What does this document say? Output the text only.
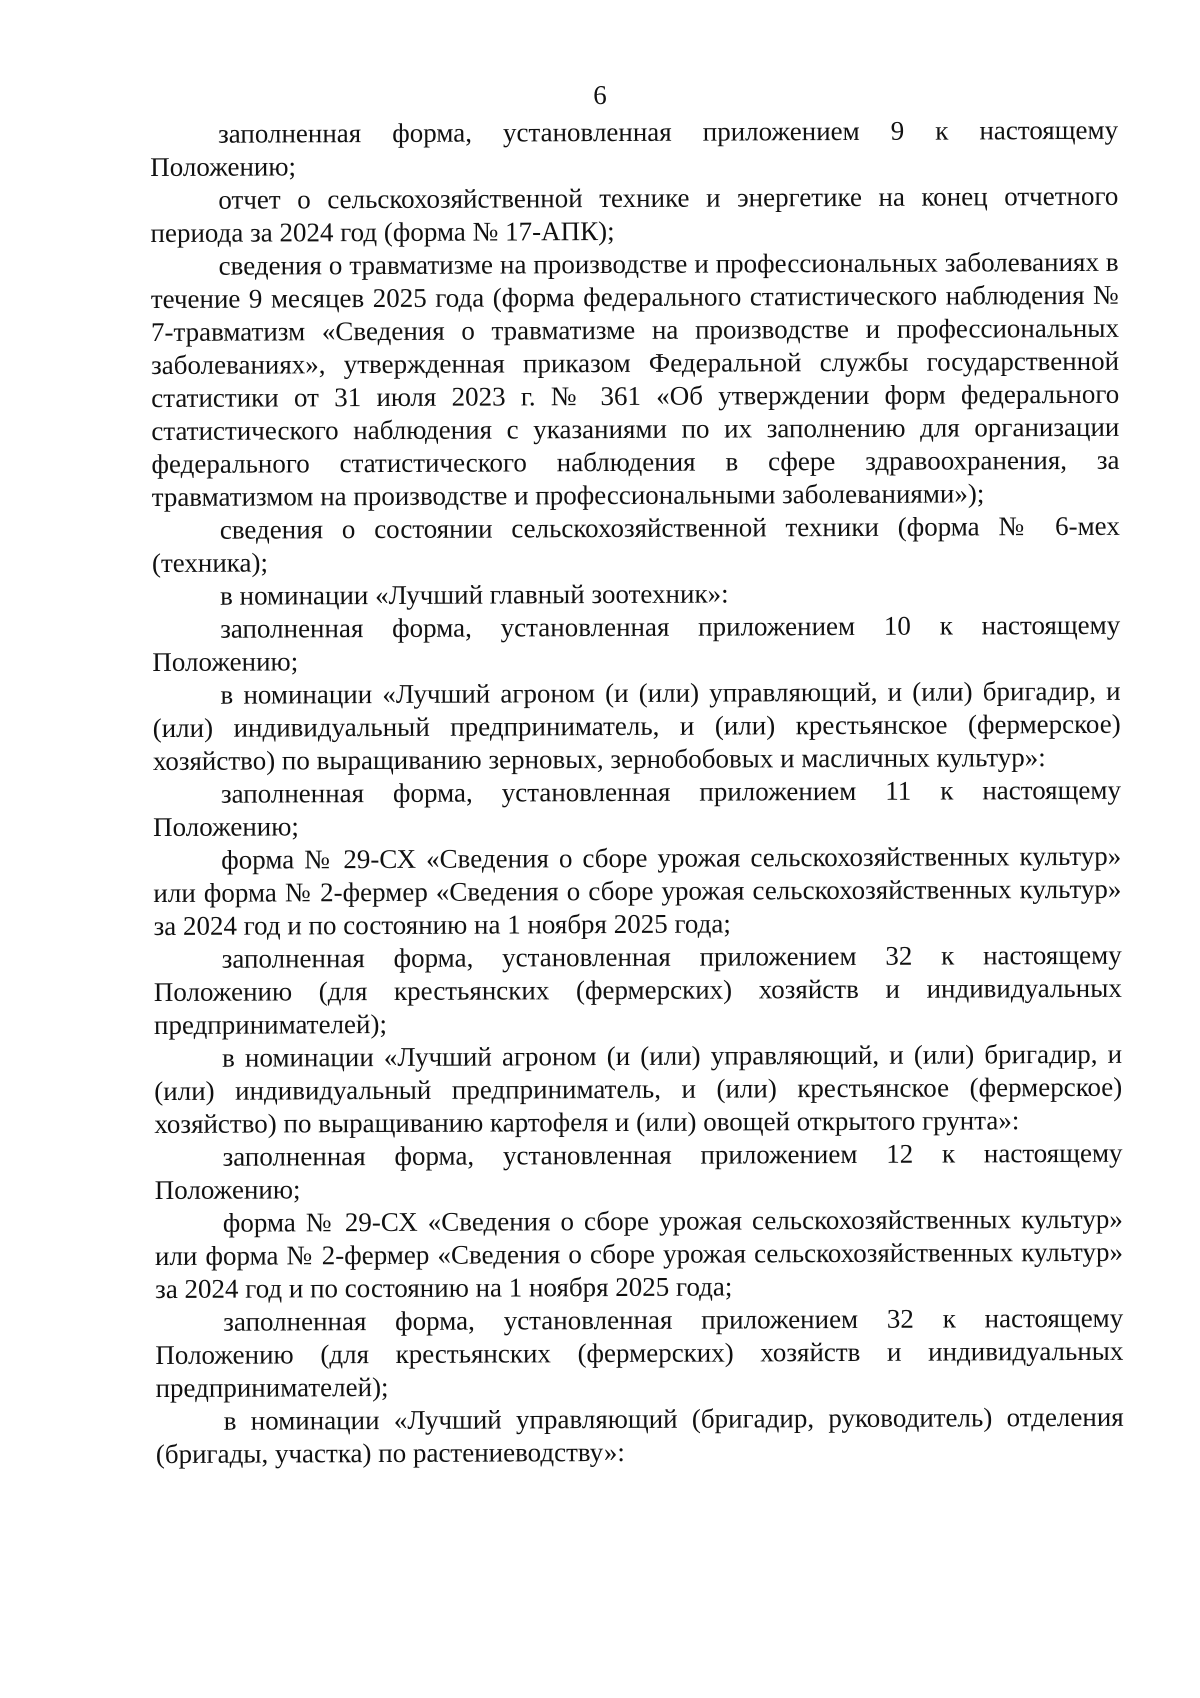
6

заполненная форма, установленная приложением 9 к настоящему Положению;

отчет о сельскохозяйственной технике и энергетике на конец отчетного периода за 2024 год (форма № 17-АПК);

сведения о травматизме на производстве и профессиональных заболеваниях в течение 9 месяцев 2025 года (форма федерального статистического наблюдения № 7-травматизм «Сведения о травматизме на производстве и профессиональных заболеваниях», утвержденная приказом Федеральной службы государственной статистики от 31 июля 2023 г. № 361 «Об утверждении форм федерального статистического наблюдения с указаниями по их заполнению для организации федерального статистического наблюдения в сфере здравоохранения, за травматизмом на производстве и профессиональными заболеваниями»);

сведения о состоянии сельскохозяйственной техники (форма № 6-мех (техника);

в номинации «Лучший главный зоотехник»:

заполненная форма, установленная приложением 10 к настоящему Положению;

в номинации «Лучший агроном (и (или) управляющий, и (или) бригадир, и (или) индивидуальный предприниматель, и (или) крестьянское (фермерское) хозяйство) по выращиванию зерновых, зернобобовых и масличных культур»:

заполненная форма, установленная приложением 11 к настоящему Положению;

форма № 29-СХ «Сведения о сборе урожая сельскохозяйственных культур» или форма № 2-фермер «Сведения о сборе урожая сельскохозяйственных культур» за 2024 год и по состоянию на 1 ноября 2025 года;

заполненная форма, установленная приложением 32 к настоящему Положению (для крестьянских (фермерских) хозяйств и индивидуальных предпринимателей);

в номинации «Лучший агроном (и (или) управляющий, и (или) бригадир, и (или) индивидуальный предприниматель, и (или) крестьянское (фермерское) хозяйство) по выращиванию картофеля и (или) овощей открытого грунта»:

заполненная форма, установленная приложением 12 к настоящему Положению;

форма № 29-СХ «Сведения о сборе урожая сельскохозяйственных культур» или форма № 2-фермер «Сведения о сборе урожая сельскохозяйственных культур» за 2024 год и по состоянию на 1 ноября 2025 года;

заполненная форма, установленная приложением 32 к настоящему Положению (для крестьянских (фермерских) хозяйств и индивидуальных предпринимателей);

в номинации «Лучший управляющий (бригадир, руководитель) отделения (бригады, участка) по растениеводству»:
